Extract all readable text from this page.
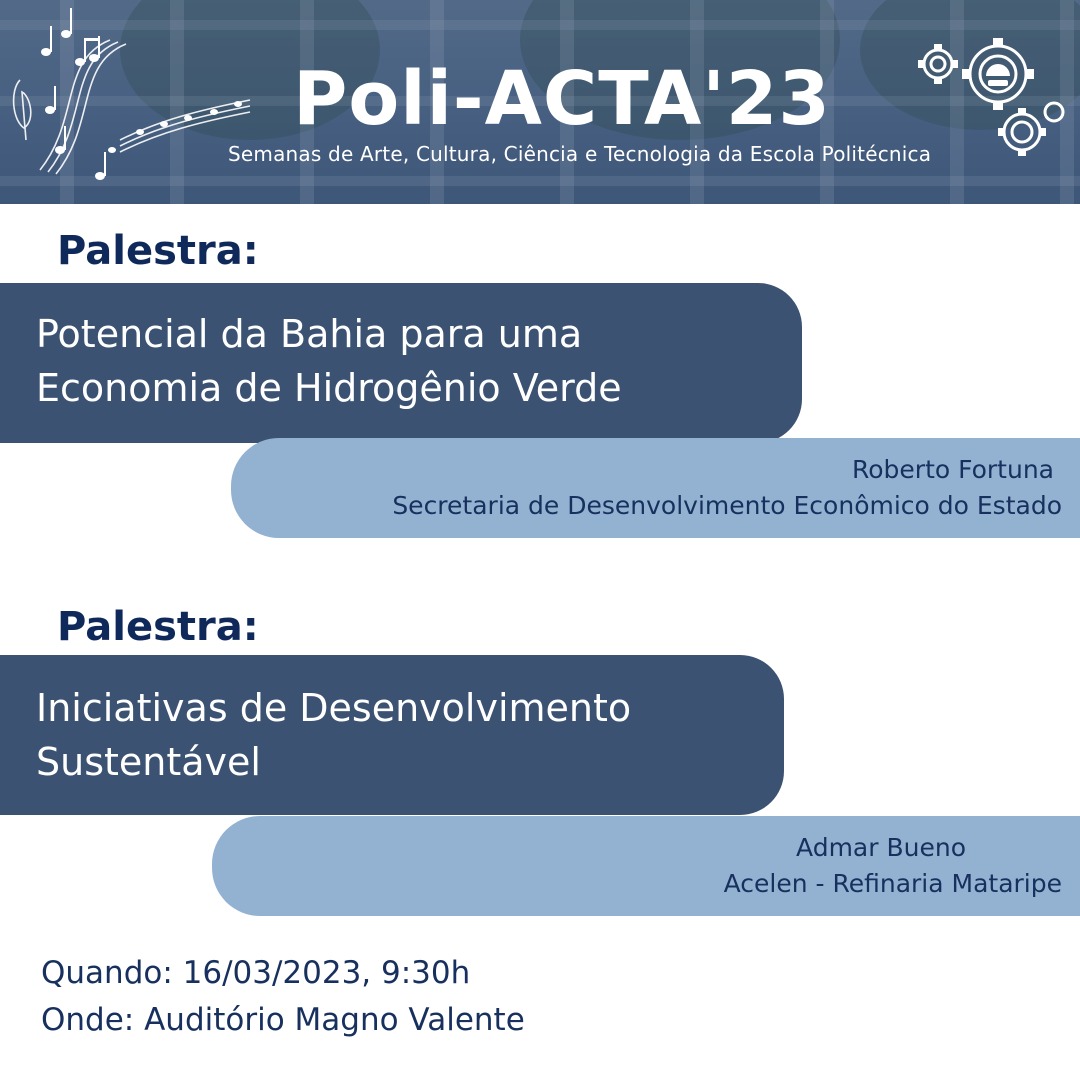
Poli-ACTA'23
Semanas de Arte, Cultura, Ciência e Tecnologia da Escola Politécnica
Palestra:
Potencial da Bahia para uma
Economia de Hidrogênio Verde
Roberto Fortuna
Secretaria de Desenvolvimento Econômico do Estado
Palestra:
Iniciativas de Desenvolvimento
Sustentável
Admar Bueno
Acelen - Refinaria Mataripe
Quando: 16/03/2023, 9:30h
Onde: Auditório Magno Valente
